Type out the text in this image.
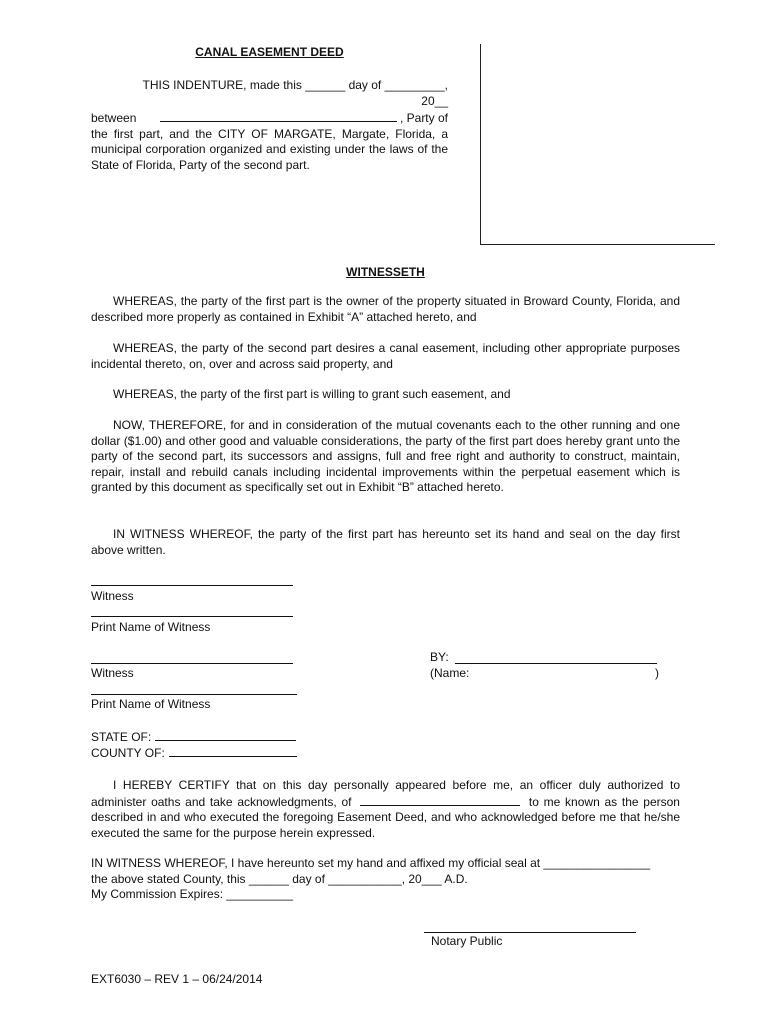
CANAL EASEMENT DEED
THIS INDENTURE, made this ______ day of _________, 20__
between	, Party of
the first part, and the CITY OF MARGATE, Margate, Florida, a municipal corporation organized and existing under the laws of the State of Florida, Party of the second part.
WITNESSETH
WHEREAS, the party of the first part is the owner of the property situated in Broward County, Florida, and described more properly as contained in Exhibit “A” attached hereto, and
WHEREAS, the party of the second part desires a canal easement, including other appropriate purposes incidental thereto, on, over and across said property, and
WHEREAS, the party of the first part is willing to grant such easement, and
NOW, THEREFORE, for and in consideration of the mutual covenants each to the other running and one dollar ($1.00) and other good and valuable considerations, the party of the first part does hereby grant unto the party of the second part, its successors and assigns, full and free right and authority to construct, maintain, repair, install and rebuild canals including incidental improvements within the perpetual easement which is granted by this document as specifically set out in Exhibit “B” attached hereto.
IN WITNESS WHEREOF, the party of the first part has hereunto set its hand and seal on the day first above written.
Witness
Print Name of Witness
Witness
Print Name of Witness
BY:
(Name:	)
STATE OF:
COUNTY OF:
I HEREBY CERTIFY that on this day personally appeared before me, an officer duly authorized to administer oaths and take acknowledgments, of	to me known as the person described in and who executed the foregoing Easement Deed, and who acknowledged before me that he/she executed the same for the purpose herein expressed.
IN WITNESS WHEREOF, I have hereunto set my hand and affixed my official seal at ________________
the above stated County, this ______ day of ___________, 20___ A.D.
My Commission Expires: __________
Notary Public
EXT6030 – REV 1 – 06/24/2014
